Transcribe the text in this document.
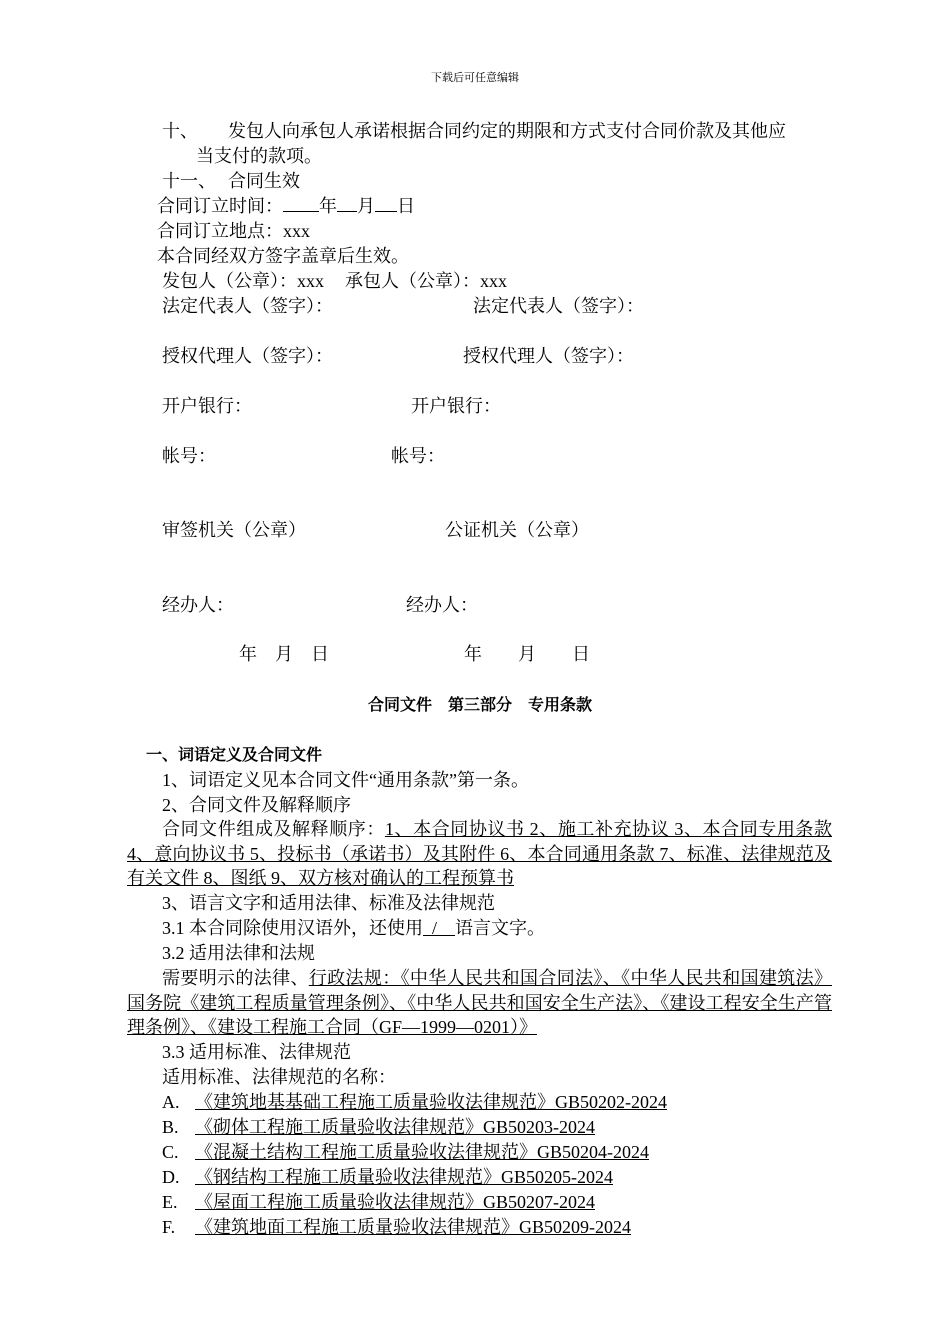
下载后可任意编辑
十、 发包人向承包人承诺根据合同约定的期限和方式支付合同价款及其他应
当支付的款项。
十一、 合同生效
合同订立时间： 年 月 日
合同订立地点：xxx
本合同经双方签字盖章后生效。
发包人（公章）：xxx 承包人（公章）：xxx
法定代表人（签字）：	法定代表人（签字）：
授权代理人（签字）：	授权代理人（签字）：
开户银行：	开户银行：
帐号：	帐号：
审签机关（公章）	公证机关（公章）
经办人：	经办人：
年　月　日	年　　月　　日
合同文件　第三部分　专用条款
一、词语定义及合同文件
1、词语定义见本合同文件“通用条款”第一条。
2、合同文件及解释顺序
合同文件组成及解释顺序：1、本合同协议书 2、施工补充协议 3、本合同专用条款 4、意向协议书 5、投标书（承诺书）及其附件 6、本合同通用条款 7、标准、法律规范及有关文件 8、图纸 9、双方核对确认的工程预算书
3、语言文字和适用法律、标准及法律规范
3.1 本合同除使用汉语外，还使用  /    语言文字。
3.2 适用法律和法规
需要明示的法律、行政法规：《中华人民共和国合同法》、《中华人民共和国建筑法》国务院《建筑工程质量管理条例》、《中华人民共和国安全生产法》、《建设工程安全生产管理条例》、《建设工程施工合同（GF—1999—0201）》
3.3 适用标准、法律规范
适用标准、法律规范的名称：
A. 《建筑地基基础工程施工质量验收法律规范》GB50202-2024
B. 《砌体工程施工质量验收法律规范》GB50203-2024
C. 《混凝土结构工程施工质量验收法律规范》GB50204-2024
D. 《钢结构工程施工质量验收法律规范》GB50205-2024
E. 《屋面工程施工质量验收法律规范》GB50207-2024
F. 《建筑地面工程施工质量验收法律规范》GB50209-2024
